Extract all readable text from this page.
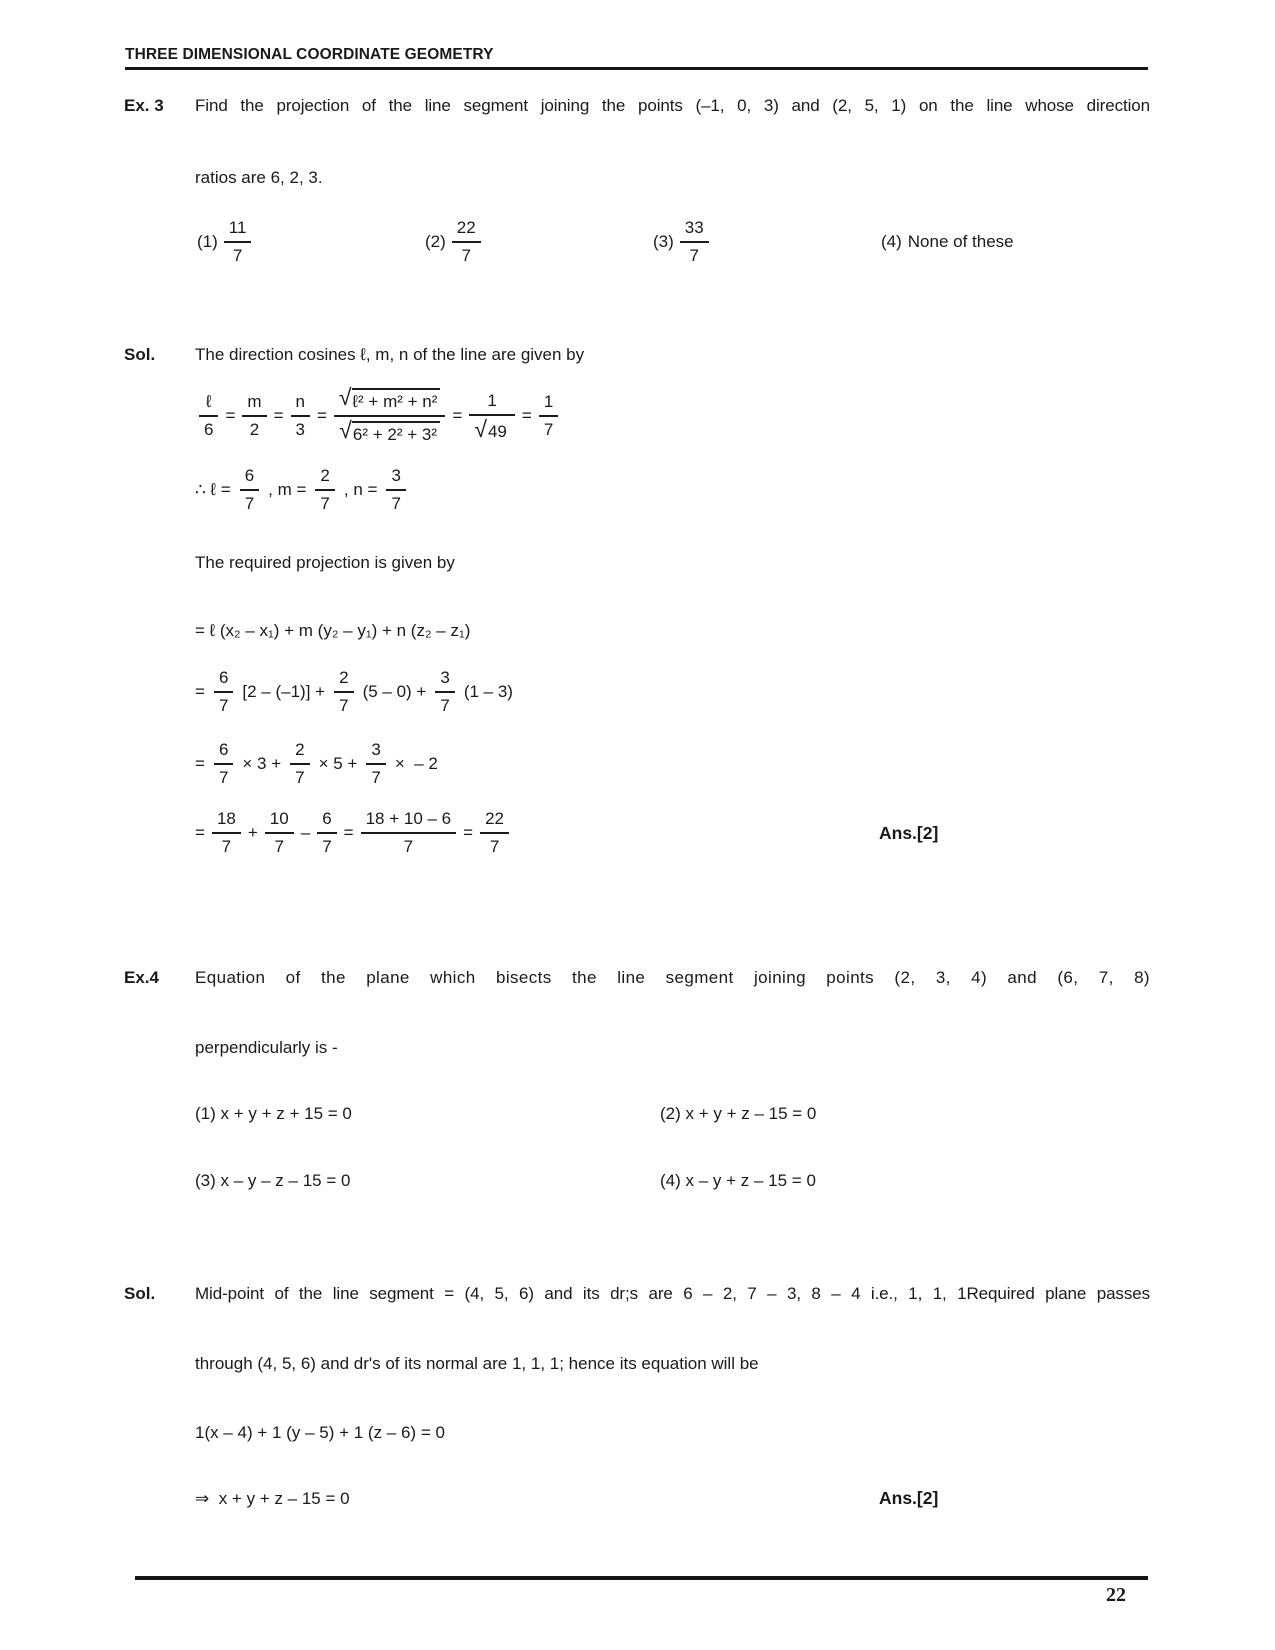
THREE DIMENSIONAL COORDINATE GEOMETRY
Ex. 3 Find the projection of the line segment joining the points (–1, 0, 3) and (2, 5, 1) on the line whose direction
ratios are 6, 2, 3.
$(1) \frac{11}{7}$	$(2) \frac{22}{7}$	$(3) \frac{33}{7}$	(4) None of these
Sol. The direction cosines ℓ, m, n of the line are given by
$\frac{\text{ℓ}}{6} = \frac{m}{2} = \frac{n}{3} = \frac{\text{√ ℓ² + m² + n²}}{\text{√ 6² + 2² + 3²}} = \frac{1}{√ 49} = \frac{1}{7}$
∴ ℓ = $\frac{6}{7}$ , $m = \frac{2}{7}$ , $n = \frac{3}{7}$
The required projection is given by
= ℓ (x₂ – x₁) + m (y₂ – y₁) + n (z₂ – z₁)
= $\frac{6}{7} [2 - (-1)] + \frac{2}{7} (5 - 0) + \frac{3}{7} (1 - 3)$
= $\frac{6}{7} \times 3 + \frac{2}{7} \times 5 + \frac{3}{7}$ ×  – 2
= $\frac{18}{7} + \frac{10}{7} - \frac{6}{7} = \frac{18 + 10 - 6}{7} = \frac{22}{7}$	Ans.[2]
Ex.4 Equation of the plane which bisects the line segment joining points (2, 3, 4) and (6, 7, 8)
perpendicularly is -
(1) x + y + z + 15 = 0	(2) x + y + z – 15 = 0
(3) x – y – z – 15 = 0	(4) x – y + z – 15 = 0
Sol. Mid-point of the line segment = (4, 5, 6) and its dr;s are 6 – 2, 7 – 3, 8 – 4 i.e., 1, 1, 1Required plane passes
through (4, 5, 6) and dr's of its normal are 1, 1, 1; hence its equation will be
1(x – 4) + 1 (y – 5) + 1 (z – 6) = 0
⇒  x + y + z – 15 = 0	Ans.[2]
22
